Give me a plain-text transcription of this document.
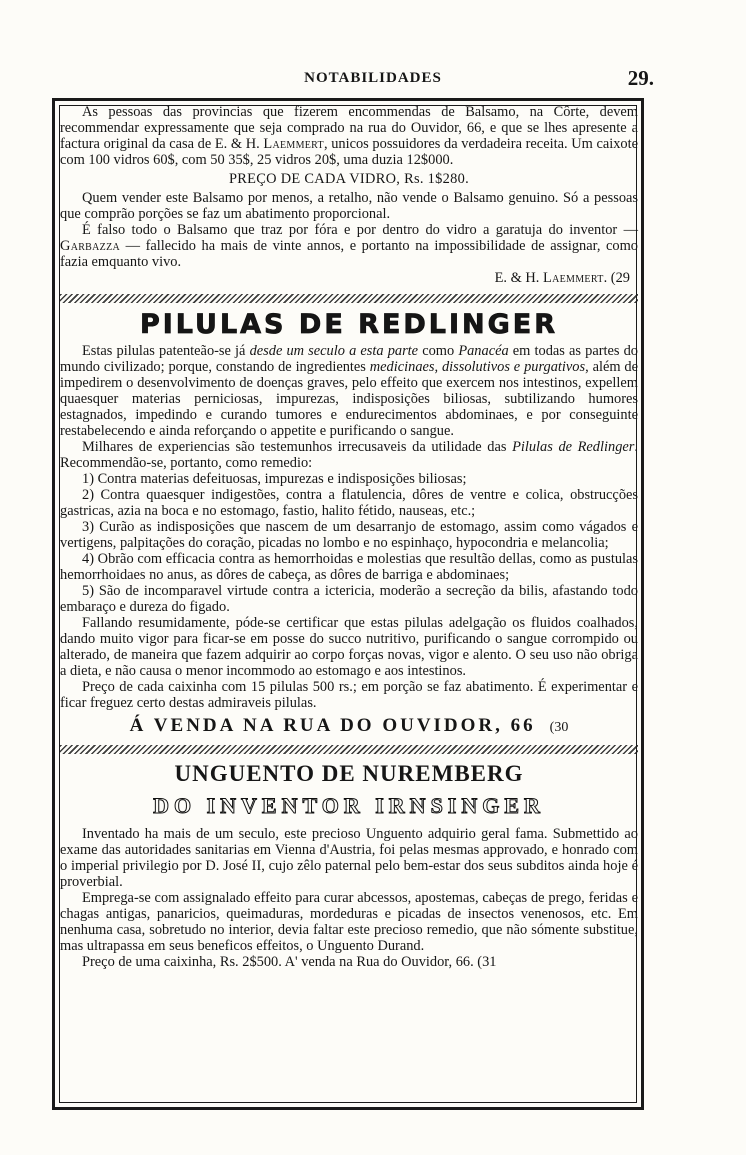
NOTABILIDADES	29.

As pessoas das provincias que fizerem encommendas de Balsamo, na Côrte, devem recommendar expressamente que seja comprado na rua do Ouvidor, 66, e que se lhes apresente a factura original da casa de E. & H. Laemmert, unicos possuidores da verdadeira receita. Um caixote com 100 vidros 60$, com 50 35$, 25 vidros 20$, uma duzia 12$000.

PREÇO DE CADA VIDRO, Rs. 1$280.

Quem vender este Balsamo por menos, a retalho, não vende o Balsamo genuino. Só a pessoas que comprão porções se faz um abatimento proporcional.

É falso todo o Balsamo que traz por fóra e por dentro do vidro a garatuja do inventor — Garbazza — fallecido ha mais de vinte annos, e portanto na impossibilidade de assignar, como fazia emquanto vivo.

E. & H. Laemmert. (29

PILULAS DE REDLINGER

Estas pilulas patenteão-se já desde um seculo a esta parte como Panacéa em todas as partes do mundo civilizado; porque, constando de ingredientes medicinaes, dissolutivos e purgativos, além de impedirem o desenvolvimento de doenças graves, pelo effeito que exercem nos intestinos, expellem quaesquer materias perniciosas, impurezas, indisposições biliosas, subtilizando humores estagnados, impedindo e curando tumores e endurecimentos abdominaes, e por conseguinte restabelecendo e ainda reforçando o appetite e purificando o sangue.

Milhares de experiencias são testemunhos irrecusaveis da utilidade das Pilulas de Redlinger. Recommendão-se, portanto, como remedio:

1) Contra materias defeituosas, impurezas e indisposições biliosas;

2) Contra quaesquer indigestões, contra a flatulencia, dôres de ventre e colica, obstrucções gastricas, azia na boca e no estomago, fastio, halito fétido, nauseas, etc.;

3) Curão as indisposições que nascem de um desarranjo de estomago, assim como vágados e vertigens, palpitações do coração, picadas no lombo e no espinhaço, hypocondria e melancolia;

4) Obrão com efficacia contra as hemorrhoidas e molestias que resultão dellas, como as pustulas hemorrhoidaes no anus, as dôres de cabeça, as dôres de barriga e abdominaes;

5) São de incomparavel virtude contra a ictericia, moderão a secreção da bilis, afastando todo embaraço e dureza do figado.

Fallando resumidamente, póde-se certificar que estas pilulas adelgação os fluidos coalhados, dando muito vigor para ficar-se em posse do succo nutritivo, purificando o sangue corrompido ou alterado, de maneira que fazem adquirir ao corpo forças novas, vigor e alento. O seu uso não obriga a dieta, e não causa o menor incommodo ao estomago e aos intestinos.

Preço de cada caixinha com 15 pilulas 500 rs.; em porção se faz abatimento. É experimentar e ficar freguez certo destas admiraveis pilulas.

Á VENDA NA RUA DO OUVIDOR, 66 (30
UNGUENTO DE NUREMBERG
DO INVENTOR IRNSINGER

Inventado ha mais de um seculo, este precioso Unguento adquirio geral fama. Submettido ao exame das autoridades sanitarias em Vienna d'Austria, foi pelas mesmas approvado, e honrado com o imperial privilegio por D. José II, cujo zêlo paternal pelo bem-estar dos seus subditos ainda hoje é proverbial.

Emprega-se com assignalado effeito para curar abcessos, apostemas, cabeças de prego, feridas e chagas antigas, panaricios, queimaduras, mordeduras e picadas de insectos venenosos, etc. Em nenhuma casa, sobretudo no interior, devia faltar este precioso remedio, que não sómente substitue, mas ultrapassa em seus beneficos effeitos, o Unguento Durand.

Preço de uma caixinha, Rs. 2$500. A' venda na Rua do Ouvidor, 66. (31
